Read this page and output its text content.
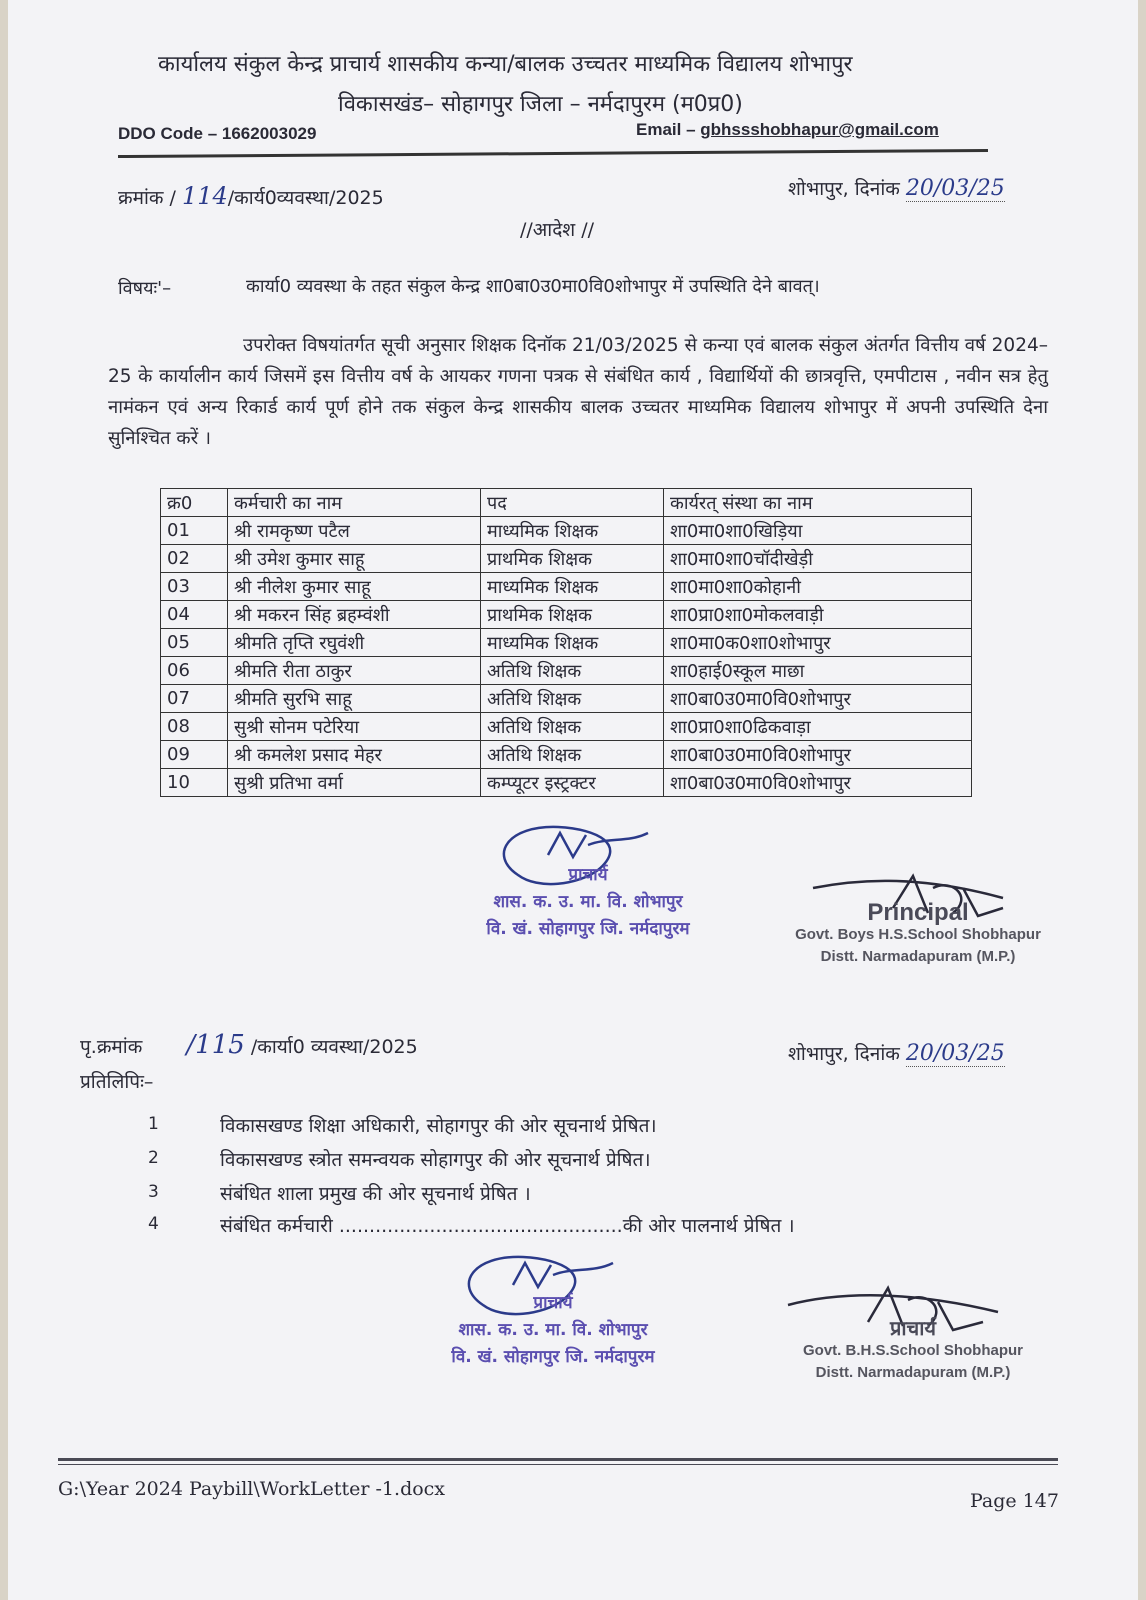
कार्यालय संकुल केन्द्र प्राचार्य शासकीय कन्या/बालक उच्चतर माध्यमिक विद्यालय शोभापुर
विकासखंड– सोहागपुर जिला – नर्मदापुरम (म0प्र0)
DDO Code – 1662003029	Email – gbhssshobhapur@gmail.com
क्रमांक / 114/कार्य0व्यवस्था/2025	शोभापुर, दिनांक 20/03/25
//आदेश //
विषयः'–	कार्या0 व्यवस्था के तहत संकुल केन्द्र शा0बा0उ0मा0वि0शोभापुर में उपस्थिति देने बावत्।
उपरोक्त विषयांतर्गत सूची अनुसार शिक्षक दिनॉक 21/03/2025 से कन्या एवं बालक संकुल अंतर्गत वित्तीय वर्ष 2024–25 के कार्यालीन कार्य जिसमें इस वित्तीय वर्ष के आयकर गणना पत्रक से संबंधित कार्य , विद्यार्थियों की छात्रवृत्ति, एमपीटास , नवीन सत्र हेतु नामंकन एवं अन्य रिकार्ड कार्य पूर्ण होने तक संकुल केन्द्र शासकीय बालक उच्चतर माध्यमिक विद्यालय शोभापुर में अपनी उपस्थिति देना सुनिश्चित करें ।
क्र0	कर्मचारी का नाम	पद	कार्यरत् संस्था का नाम
01	श्री रामकृष्ण पटैल	माध्यमिक शिक्षक	शा0मा0शा0खिड़िया
02	श्री उमेश कुमार साहू	प्राथमिक शिक्षक	शा0मा0शा0चॉदीखेड़ी
03	श्री नीलेश कुमार साहू	माध्यमिक शिक्षक	शा0मा0शा0कोहानी
04	श्री मकरन सिंह ब्रहम्वंशी	प्राथमिक शिक्षक	शा0प्रा0शा0मोकलवाड़ी
05	श्रीमति तृप्ति रघुवंशी	माध्यमिक शिक्षक	शा0मा0क0शा0शोभापुर
06	श्रीमति रीता ठाकुर	अतिथि शिक्षक	शा0हाई0स्कूल माछा
07	श्रीमति सुरभि साहू	अतिथि शिक्षक	शा0बा0उ0मा0वि0शोभापुर
08	सुश्री सोनम पटेरिया	अतिथि शिक्षक	शा0प्रा0शा0ढिकवाड़ा
09	श्री कमलेश प्रसाद मेहर	अतिथि शिक्षक	शा0बा0उ0मा0वि0शोभापुर
10	सुश्री प्रतिभा वर्मा	कम्प्यूटर इस्ट्रक्टर	शा0बा0उ0मा0वि0शोभापुर
प्राचार्य
शास. क. उ. मा. वि. शोभापुर
वि. खं. सोहागपुर जि. नर्मदापुरम
Principal
Govt. Boys H.S.School Shobhapur
Distt. Narmadapuram (M.P.)
पृ.क्रमांक /115 /कार्या0 व्यवस्था/2025	शोभापुर, दिनांक 20/03/25
प्रतिलिपिः–
1	विकासखण्ड शिक्षा अधिकारी, सोहागपुर की ओर सूचनार्थ प्रेषित।
2	विकासखण्ड स्त्रोत समन्वयक सोहागपुर की ओर सूचनार्थ प्रेषित।
3	संबंधित शाला प्रमुख की ओर सूचनार्थ प्रेषित ।
4	संबंधित कर्मचारी ...............................................की ओर पालनार्थ प्रेषित ।
प्राचार्य
शास. क. उ. मा. वि. शोभापुर
वि. खं. सोहागपुर जि. नर्मदापुरम
प्राचार्य
Govt. B.H.S.School Shobhapur
Distt. Narmadapuram (M.P.)
G:\Year 2024 Paybill\WorkLetter -1.docx
Page 147
